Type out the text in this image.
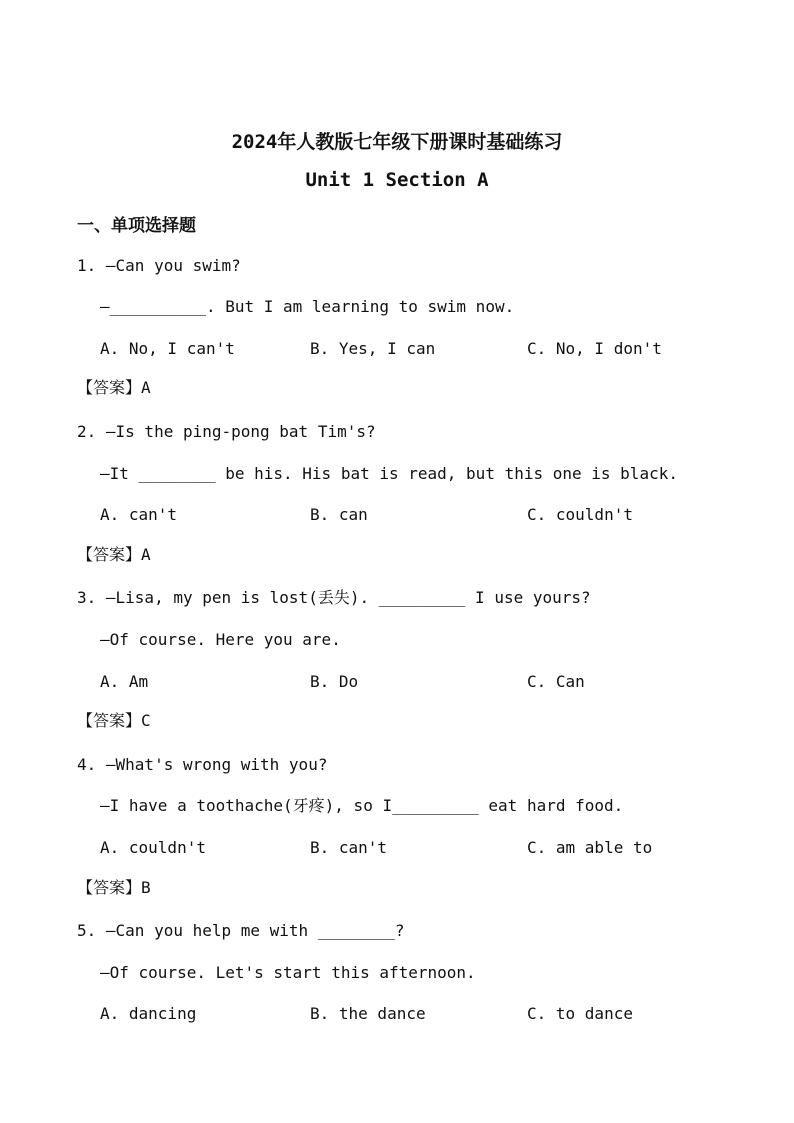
2024年人教版七年级下册课时基础练习
Unit 1 Section A
一、单项选择题
1. —Can you swim?
—__________. But I am learning to swim now.
A. No, I can't	B. Yes, I can	C. No, I don't
【答案】A
2. —Is the ping-pong bat Tim's?
—It ________ be his. His bat is read, but this one is black.
A. can't	B. can	C. couldn't
【答案】A
3. —Lisa, my pen is lost(丢失). _________ I use yours?
—Of course. Here you are.
A. Am	B. Do	C. Can
【答案】C
4. —What's wrong with you?
—I have a toothache(牙疼), so I_________ eat hard food.
A. couldn't	B. can't	C. am able to
【答案】B
5. —Can you help me with ________?
—Of course. Let's start this afternoon.
A. dancing	B. the dance	C. to dance
